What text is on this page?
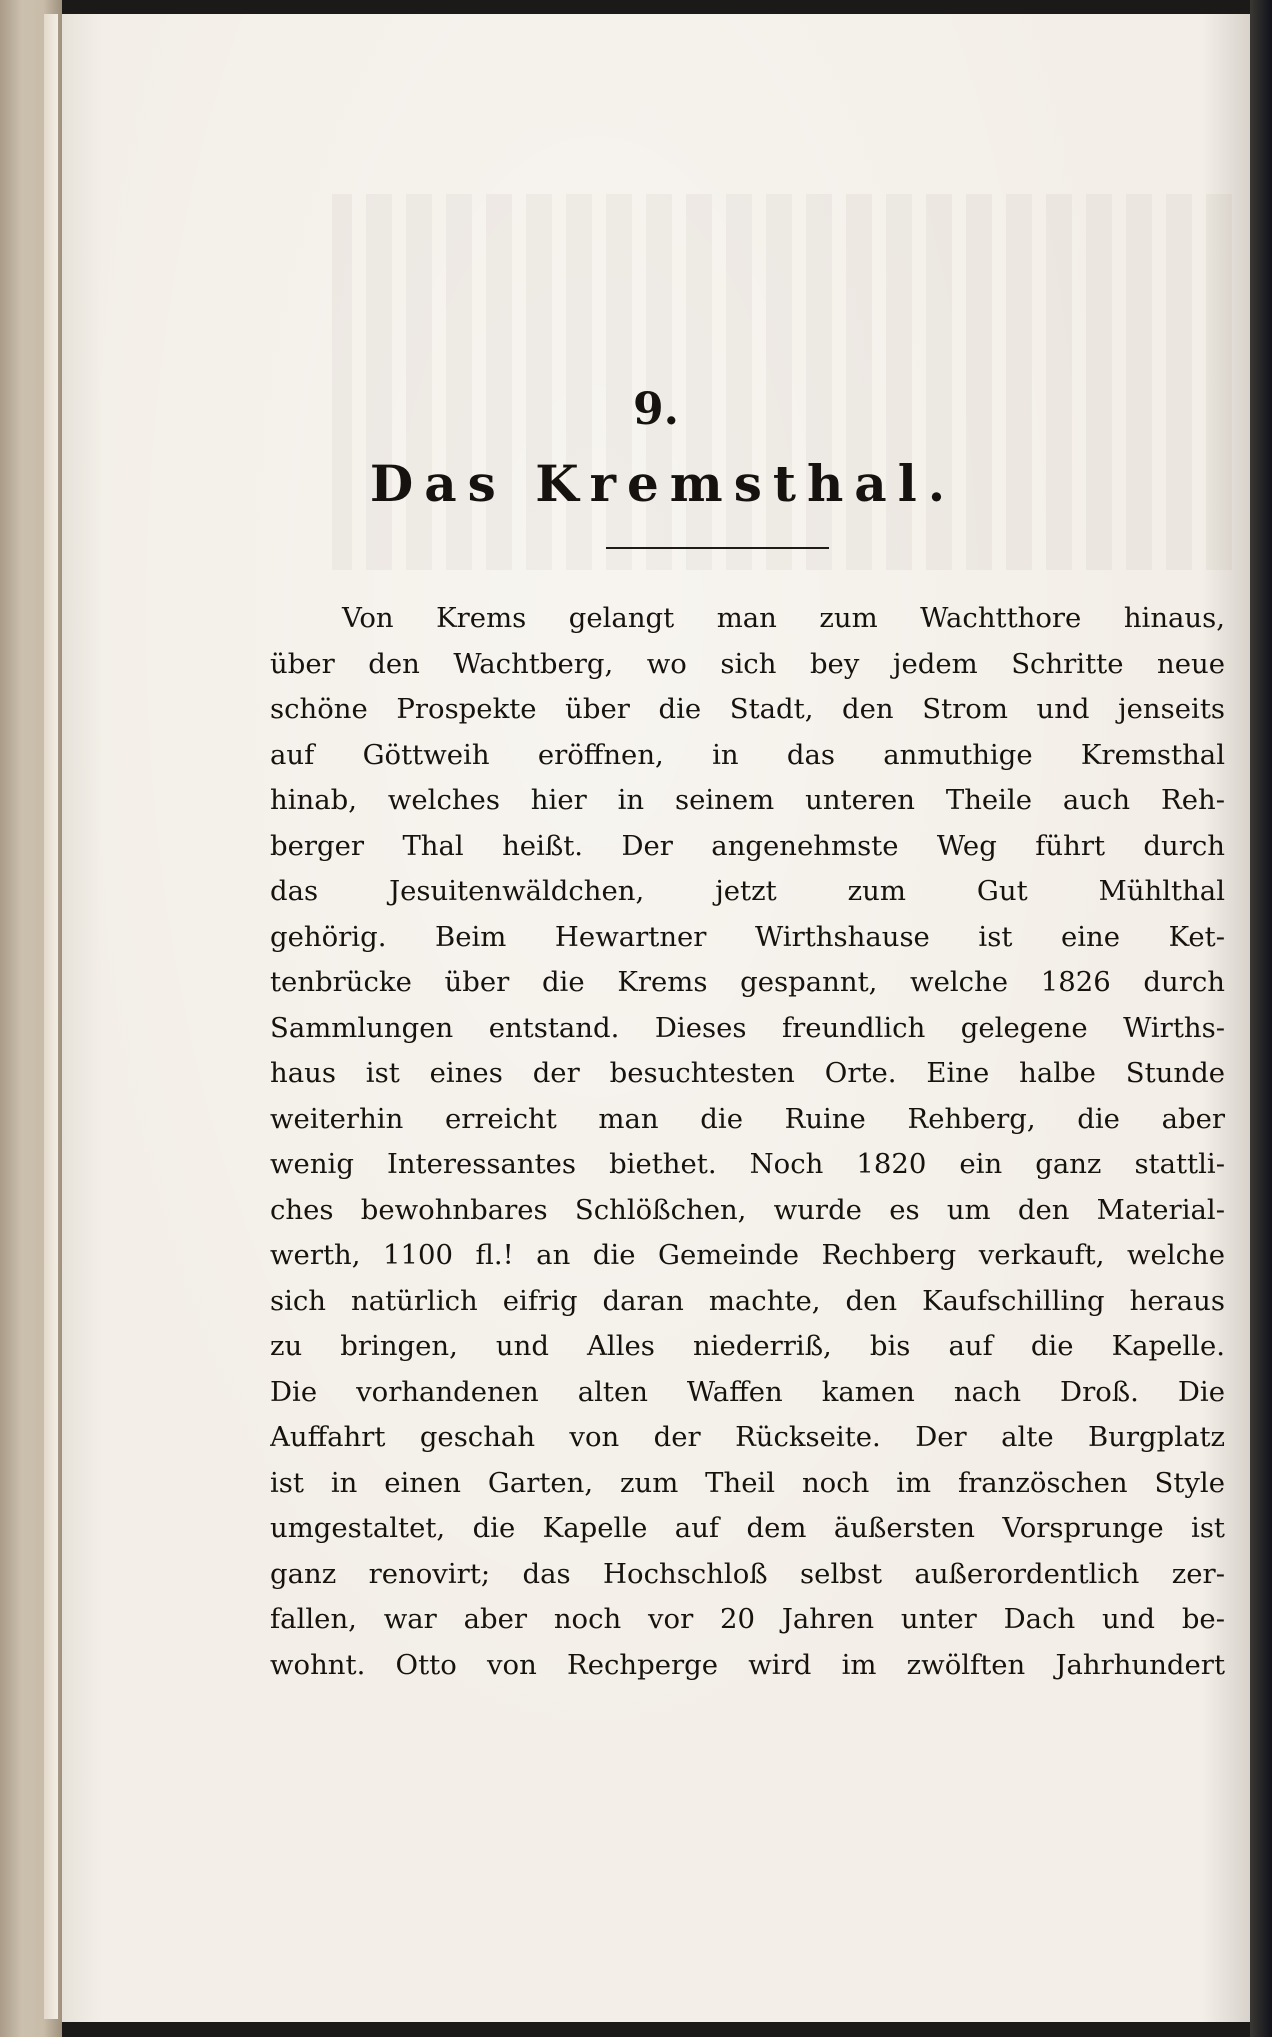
9.
Das Kremsthal.
Von Krems gelangt man zum Wachtthore hinaus,
über den Wachtberg, wo sich bey jedem Schritte neue
schöne Prospekte über die Stadt, den Strom und jenseits
auf Göttweih eröffnen, in das anmuthige Kremsthal
hinab, welches hier in seinem unteren Theile auch Reh-
berger Thal heißt. Der angenehmste Weg führt durch
das Jesuitenwäldchen, jetzt zum Gut Mühlthal
gehörig. Beim Hewartner Wirthshause ist eine Ket-
tenbrücke über die Krems gespannt, welche 1826 durch
Sammlungen entstand. Dieses freundlich gelegene Wirths-
haus ist eines der besuchtesten Orte. Eine halbe Stunde
weiterhin erreicht man die Ruine Rehberg, die aber
wenig Interessantes biethet. Noch 1820 ein ganz stattli-
ches bewohnbares Schlößchen, wurde es um den Material-
werth, 1100 fl.! an die Gemeinde Rechberg verkauft, welche
sich natürlich eifrig daran machte, den Kaufschilling heraus
zu bringen, und Alles niederriß, bis auf die Kapelle.
Die vorhandenen alten Waffen kamen nach Droß. Die
Auffahrt geschah von der Rückseite. Der alte Burgplatz
ist in einen Garten, zum Theil noch im französchen Style
umgestaltet, die Kapelle auf dem äußersten Vorsprunge ist
ganz renovirt; das Hochschloß selbst außerordentlich zer-
fallen, war aber noch vor 20 Jahren unter Dach und be-
wohnt. Otto von Rechperge wird im zwölften Jahrhundert
